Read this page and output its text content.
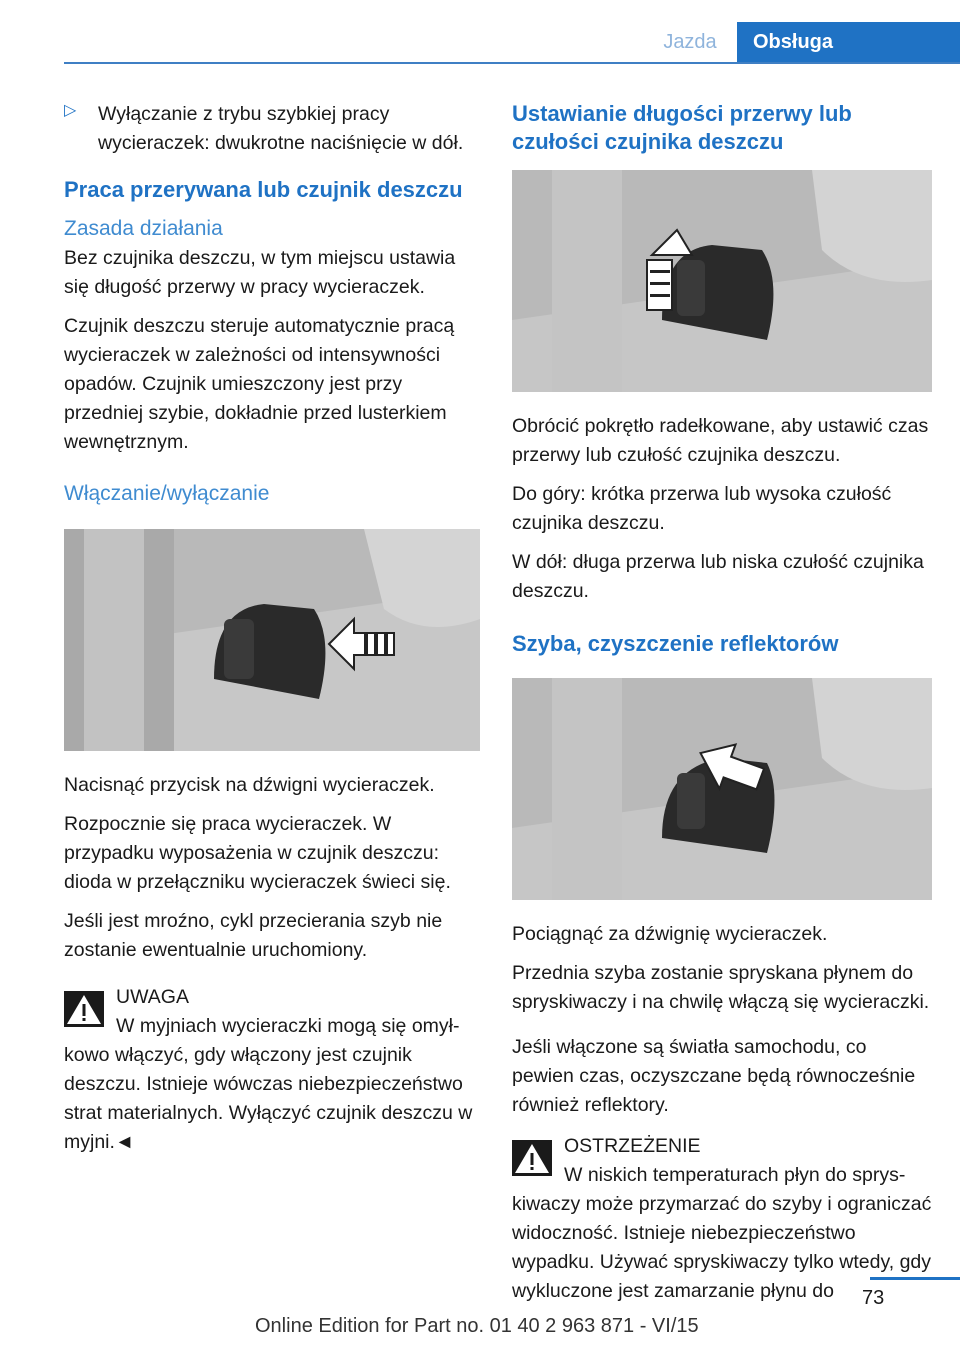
Jazda	Obsługa
▷ Wyłączanie z trybu szybkiej pracy wycieraczek: dwukrotne naciśnięcie w dół.

Praca przerywana lub czujnik deszczu
Zasada działania

Bez czujnika deszczu, w tym miejscu ustawia się długość przerwy w pracy wycieraczek.

Czujnik deszczu steruje automatycznie pracą wycieraczek w zależności od intensywności opadów. Czujnik umieszczony jest przy przedniej szybie, dokładnie przed lusterkiem wewnętrznym.

Włączanie/wyłączanie

Nacisnąć przycisk na dźwigni wycieraczek.

Rozpocznie się praca wycieraczek. W przypadku wyposażenia w czujnik deszczu: dioda w przełączniku wycieraczek świeci się.

Jeśli jest mroźno, cykl przecierania szyb nie zostanie ewentualnie uruchomiony.

UWAGA

W myjniach wycieraczki mogą się omył-

kowo włączyć, gdy włączony jest czujnik deszczu. Istnieje wówczas niebezpieczeństwo strat materialnych. Wyłączyć czujnik deszczu w myjni.◄

Ustawianie długości przerwy lub czułości czujnika deszczu

Obrócić pokrętło radełkowane, aby ustawić czas przerwy lub czułość czujnika deszczu.

Do góry: krótka przerwa lub wysoka czułość czujnika deszczu.

W dół: długa przerwa lub niska czułość czujnika deszczu.

Szyba, czyszczenie reflektorów

Pociągnąć za dźwignię wycieraczek.

Przednia szyba zostanie spryskana płynem do spryskiwaczy i na chwilę włączą się wycieraczki.

Jeśli włączone są światła samochodu, co pewien czas, oczyszczane będą równocześnie również reflektory.

OSTRZEŻENIE

W niskich temperaturach płyn do sprys-

kiwaczy może przymarzać do szyby i ograniczać widoczność. Istnieje niebezpieczeństwo wypadku. Używać spryskiwaczy tylko wtedy, gdy wykluczone jest zamarzanie płynu do	73
Online Edition for Part no. 01 40 2 963 871 - VI/15
